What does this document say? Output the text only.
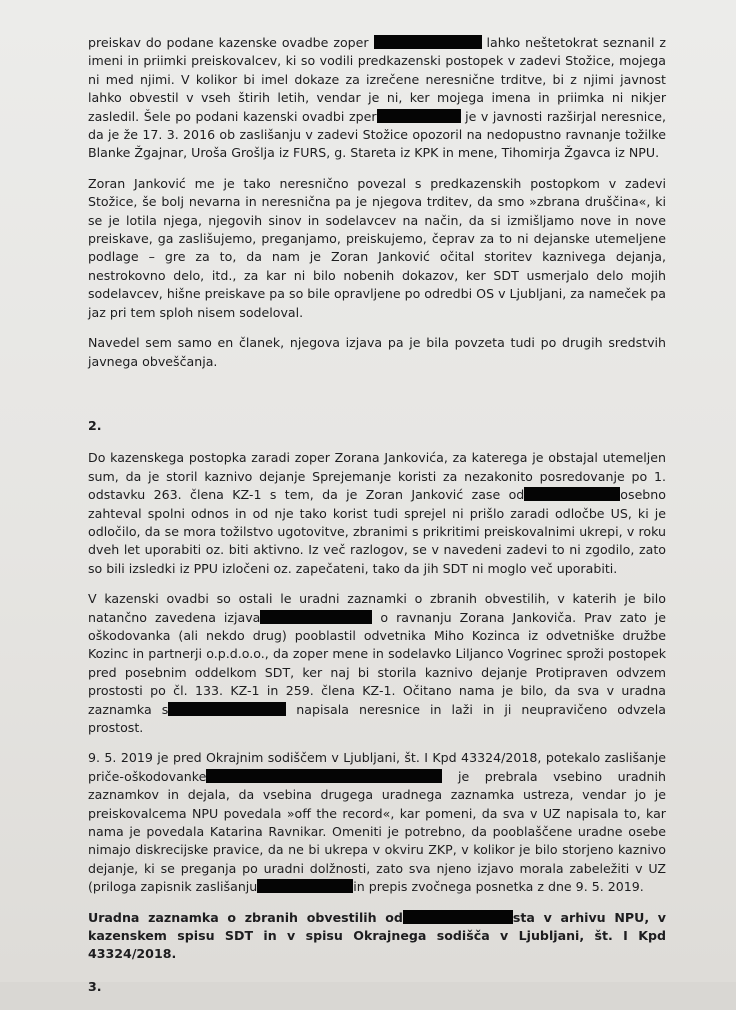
preiskav do podane kazenske ovadbe zoper	lahko neštetokrat seznanil z imeni in priimki preiskovalcev, ki so vodili predkazenski postopek v zadevi Stožice, mojega ni med njimi. V kolikor bi imel dokaze za izrečene neresnične trditve, bi z njimi javnost lahko obvestil v vseh štirih letih, vendar je ni, ker mojega imena in priimka ni nikjer zasledil. Šele po podani kazenski ovadbi zper	je v javnosti razširjal neresnice, da je že 17. 3. 2016 ob zaslišanju v zadevi Stožice opozoril na nedopustno ravnanje tožilke Blanke Žgajnar, Uroša Grošlja iz FURS, g. Stareta iz KPK in mene, Tihomirja Žgavca iz NPU.

Zoran Janković me je tako neresnično povezal s predkazenskih postopkom v zadevi Stožice, še bolj nevarna in neresnična pa je njegova trditev, da smo »zbrana druščina«, ki se je lotila njega, njegovih sinov in sodelavcev na način, da si izmišljamo nove in nove preiskave, ga zaslišujemo, preganjamo, preiskujemo, čeprav za to ni dejanske utemeljene podlage – gre za to, da nam je Zoran Janković očital storitev kaznivega dejanja, nestrokovno delo, itd., za kar ni bilo nobenih dokazov, ker SDT usmerjalo delo mojih sodelavcev, hišne preiskave pa so bile opravljene po odredbi OS v Ljubljani, za nameček pa jaz pri tem sploh nisem sodeloval.

Navedel sem samo en članek, njegova izjava pa je bila povzeta tudi po drugih sredstvih javnega obveščanja.

2.

Do kazenskega postopka zaradi zoper Zorana Jankovića, za katerega je obstajal utemeljen sum, da je storil kaznivo dejanje Sprejemanje koristi za nezakonito posredovanje po 1. odstavku 263. člena KZ-1 s tem, da je Zoran Janković zase od	osebno zahteval spolni odnos in od nje tako korist tudi sprejel ni prišlo zaradi odločbe US, ki je odločilo, da se mora tožilstvo ugotovitve, zbranimi s prikritimi preiskovalnimi ukrepi, v roku dveh let uporabiti oz. biti aktivno. Iz več razlogov, se v navedeni zadevi to ni zgodilo, zato so bili izsledki iz PPU izločeni oz. zapečateni, tako da jih SDT ni moglo več uporabiti.

V kazenski ovadbi so ostali le uradni zaznamki o zbranih obvestilih, v katerih je bilo natančno zavedena izjava	o ravnanju Zorana Jankoviča. Prav zato je oškodovanka (ali nekdo drug) pooblastil odvetnika Miho Kozinca iz odvetniške družbe Kozinc in partnerji o.p.d.o.o., da zoper mene in sodelavko Liljanco Vogrinec sproži postopek pred posebnim oddelkom SDT, ker naj bi storila kaznivo dejanje Protipraven odvzem prostosti po čl. 133. KZ-1 in 259. člena KZ-1. Očitano nama je bilo, da sva v uradna zaznamka s	napisala neresnice in laži in ji neupravičeno odvzela prostost.

9. 5. 2019 je pred Okrajnim sodiščem v Ljubljani, št. I Kpd 43324/2018, potekalo zaslišanje priče-oškodovanke	je prebrala vsebino uradnih zaznamkov in dejala, da vsebina drugega uradnega zaznamka ustreza, vendar jo je preiskovalcema NPU povedala »off the record«, kar pomeni, da sva v UZ napisala to, kar nama je povedala Katarina Ravnikar. Omeniti je potrebno, da pooblaščene uradne osebe nimajo diskrecijske pravice, da ne bi ukrepa v okviru ZKP, v kolikor je bilo storjeno kaznivo dejanje, ki se preganja po uradni dolžnosti, zato sva njeno izjavo morala zabeležiti v UZ (priloga zapisnik zaslišanju	in prepis zvočnega posnetka z dne 9. 5. 2019.

Uradna zaznamka o zbranih obvestilih od	sta v arhivu NPU, v kazenskem spisu SDT in v spisu Okrajnega sodišča v Ljubljani, št. I Kpd 43324/2018.

3.
